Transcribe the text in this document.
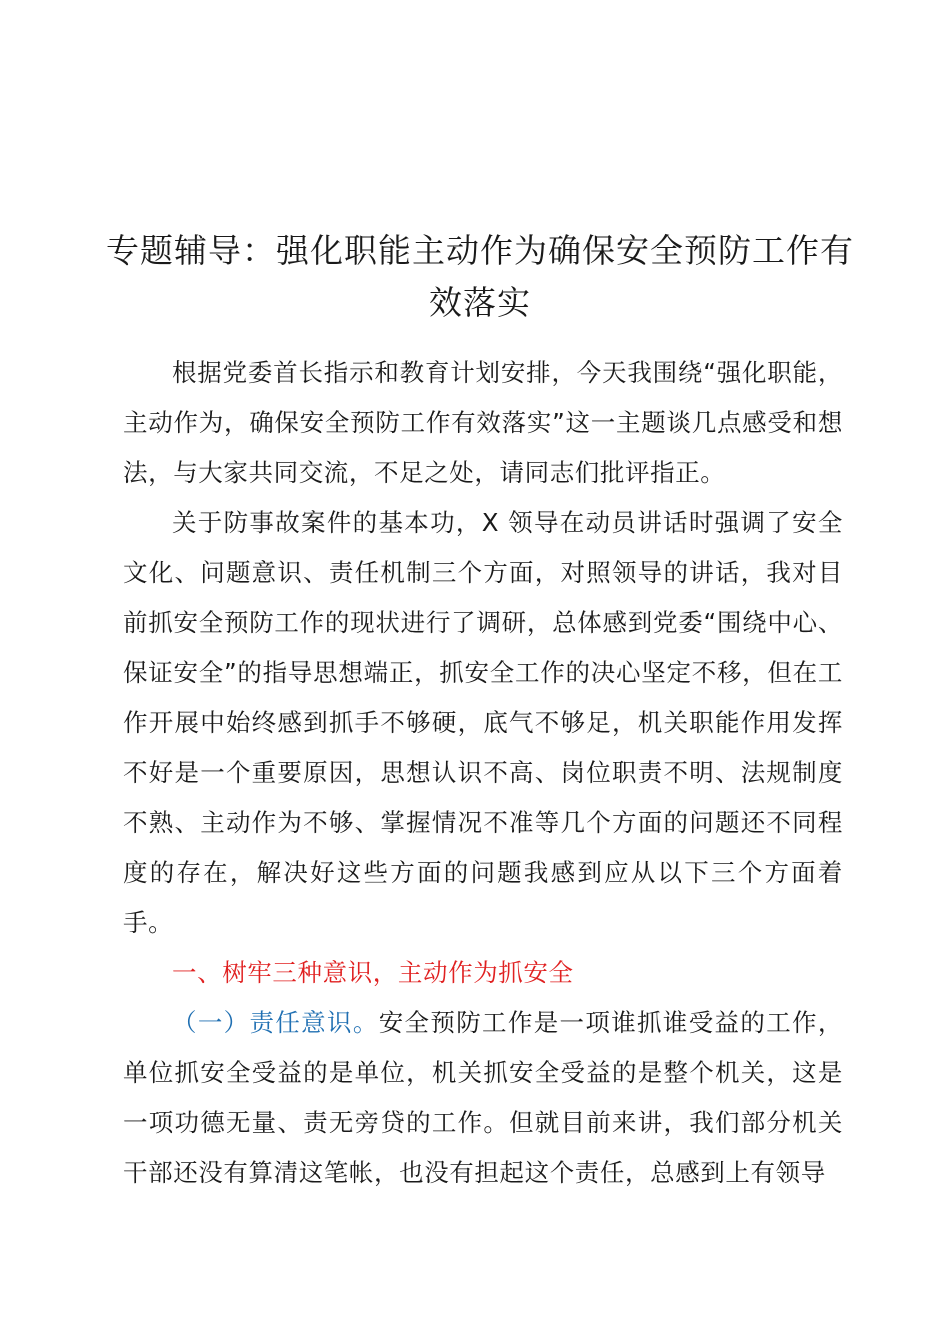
专题辅导：强化职能主动作为确保安全预防工作有效落实

根据党委首长指示和教育计划安排，今天我围绕“强化职能，主动作为，确保安全预防工作有效落实”这一主题谈几点感受和想法，与大家共同交流，不足之处，请同志们批评指正。

关于防事故案件的基本功，X 领导在动员讲话时强调了安全文化、问题意识、责任机制三个方面，对照领导的讲话，我对目前抓安全预防工作的现状进行了调研，总体感到党委“围绕中心、保证安全”的指导思想端正，抓安全工作的决心坚定不移，但在工作开展中始终感到抓手不够硬，底气不够足，机关职能作用发挥不好是一个重要原因，思想认识不高、岗位职责不明、法规制度不熟、主动作为不够、掌握情况不准等几个方面的问题还不同程度的存在，解决好这些方面的问题我感到应从以下三个方面着手。

一、树牢三种意识，主动作为抓安全

（一）责任意识。安全预防工作是一项谁抓谁受益的工作，单位抓安全受益的是单位，机关抓安全受益的是整个机关，这是一项功德无量、责无旁贷的工作。但就目前来讲，我们部分机关干部还没有算清这笔帐，也没有担起这个责任，总感到上有领导
